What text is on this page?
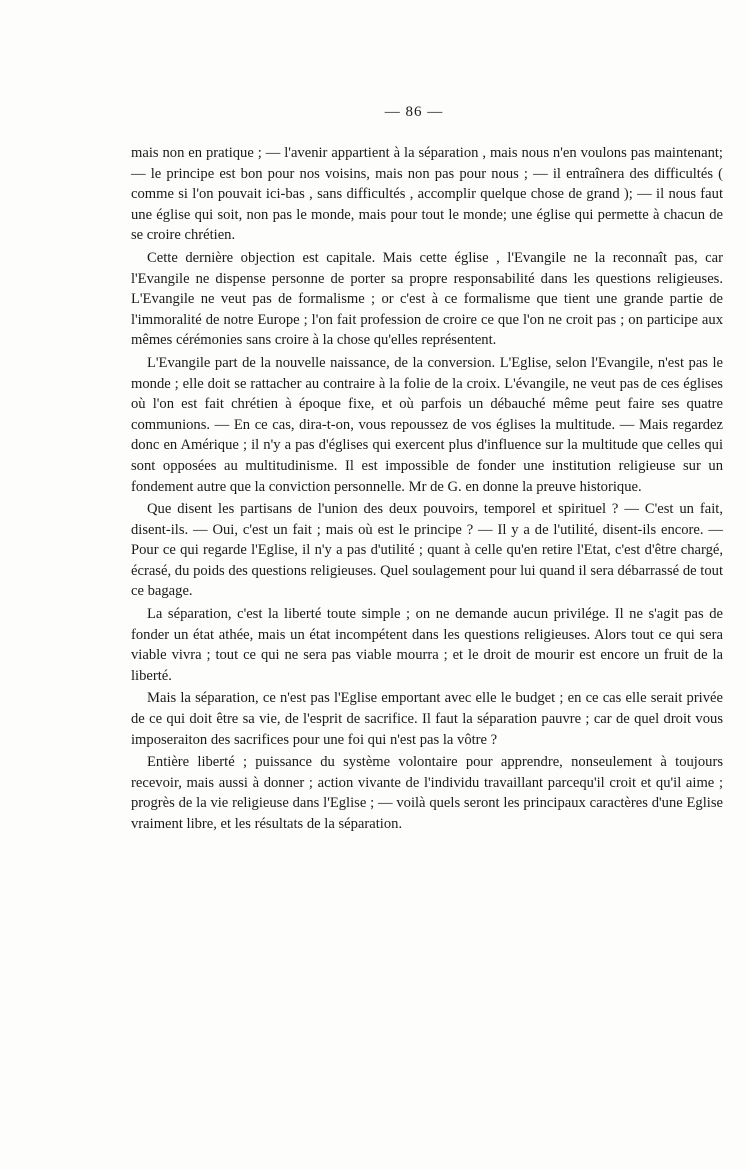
— 86 —

mais non en pratique ; — l'avenir appartient à la séparation , mais nous n'en voulons pas maintenant; — le principe est bon pour nos voisins, mais non pas pour nous ; — il entraînera des difficultés ( comme si l'on pouvait ici-bas , sans difficultés , accomplir quelque chose de grand ); — il nous faut une église qui soit, non pas le monde, mais pour tout le monde; une église qui permette à chacun de se croire chrétien.

Cette dernière objection est capitale. Mais cette église , l'Evangile ne la reconnaît pas, car l'Evangile ne dispense personne de porter sa propre responsabilité dans les questions religieuses. L'Evangile ne veut pas de formalisme ; or c'est à ce formalisme que tient une grande partie de l'immoralité de notre Europe ; l'on fait profession de croire ce que l'on ne croit pas ; on participe aux mêmes cérémonies sans croire à la chose qu'elles représentent.

L'Evangile part de la nouvelle naissance, de la conversion. L'Eglise, selon l'Evangile, n'est pas le monde ; elle doit se rattacher au contraire à la folie de la croix. L'évangile, ne veut pas de ces églises où l'on est fait chrétien à époque fixe, et où parfois un débauché même peut faire ses quatre communions. — En ce cas, dira-t-on, vous repoussez de vos églises la multitude. — Mais regardez donc en Amérique ; il n'y a pas d'églises qui exercent plus d'influence sur la multitude que celles qui sont opposées au multitudinisme. Il est impossible de fonder une institution religieuse sur un fondement autre que la conviction personnelle. Mr de G. en donne la preuve historique.

Que disent les partisans de l'union des deux pouvoirs, temporel et spirituel ? — C'est un fait, disent-ils. — Oui, c'est un fait ; mais où est le principe ? — Il y a de l'utilité, disent-ils encore. — Pour ce qui regarde l'Eglise, il n'y a pas d'utilité ; quant à celle qu'en retire l'Etat, c'est d'être chargé, écrasé, du poids des questions religieuses. Quel soulagement pour lui quand il sera débarrassé de tout ce bagage.

La séparation, c'est la liberté toute simple ; on ne demande aucun privilége. Il ne s'agit pas de fonder un état athée, mais un état incompétent dans les questions religieuses. Alors tout ce qui sera viable vivra ; tout ce qui ne sera pas viable mourra ; et le droit de mourir est encore un fruit de la liberté.

Mais la séparation, ce n'est pas l'Eglise emportant avec elle le budget ; en ce cas elle serait privée de ce qui doit être sa vie, de l'esprit de sacrifice. Il faut la séparation pauvre ; car de quel droit vous imposeraiton des sacrifices pour une foi qui n'est pas la vôtre ?

Entière liberté ; puissance du système volontaire pour apprendre, nonseulement à toujours recevoir, mais aussi à donner ; action vivante de l'individu travaillant parcequ'il croit et qu'il aime ; progrès de la vie religieuse dans l'Eglise ; — voilà quels seront les principaux caractères d'une Eglise vraiment libre, et les résultats de la séparation.
